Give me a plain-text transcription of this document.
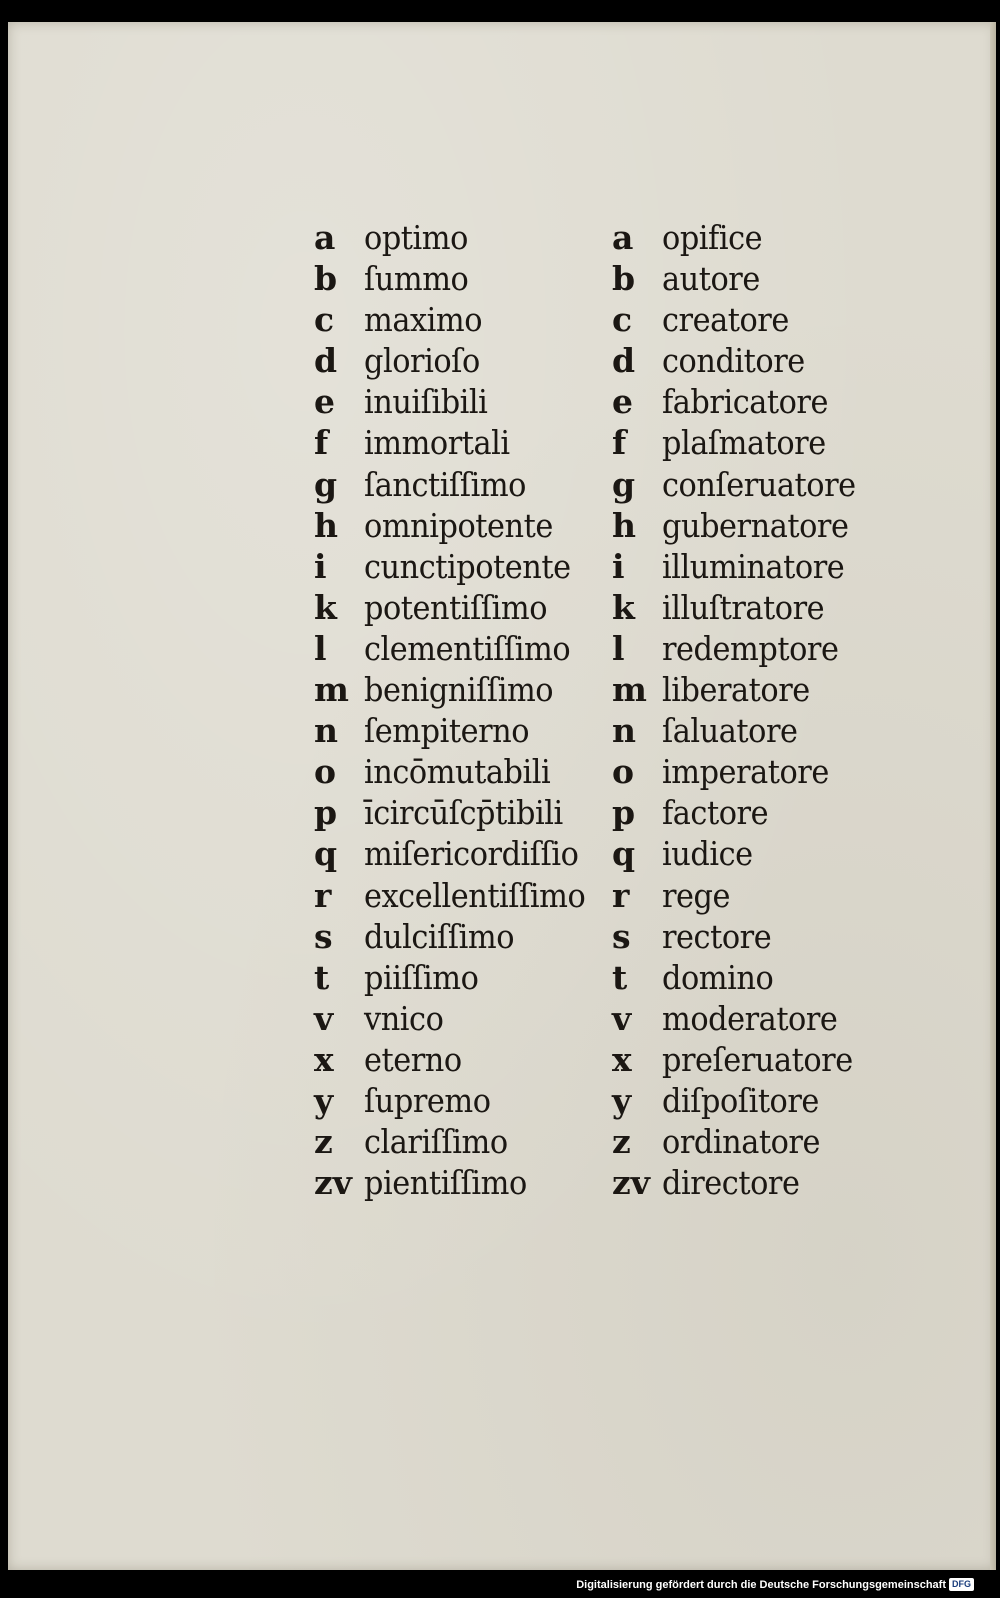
a optimo
b ſummo
c maximo
d glorioſo
e inuiſibili
f	immortali
g ſanctiſſimo
h omnipotente
i	cunctipotente
k potentiſſimo
l	clementiſſimo
m benigniſſimo
n ſempiterno
o incōmutabili
p īcircūſcp̄tibili
q miſericordiſſio
r excellentiſſimo
s dulciſſimo
t	piiſſimo
v vnico
x eterno
y ſupremo
z clariſſimo
zv pientiſſimo
a opifice
b autore
c creatore
d conditore
e fabricatore
f	plaſmatore
g conſeruatore
h gubernatore
i	illuminatore
k illuſtratore
l	redemptore
m liberatore
n ſaluatore
o imperatore
p factore
q iudice
r rege
s rectore
t	domino
v moderatore
x preſeruatore
y diſpoſitore
z ordinatore
zv directore
Digitalisierung gefördert durch die Deutsche Forschungsgemeinschaft DFG
